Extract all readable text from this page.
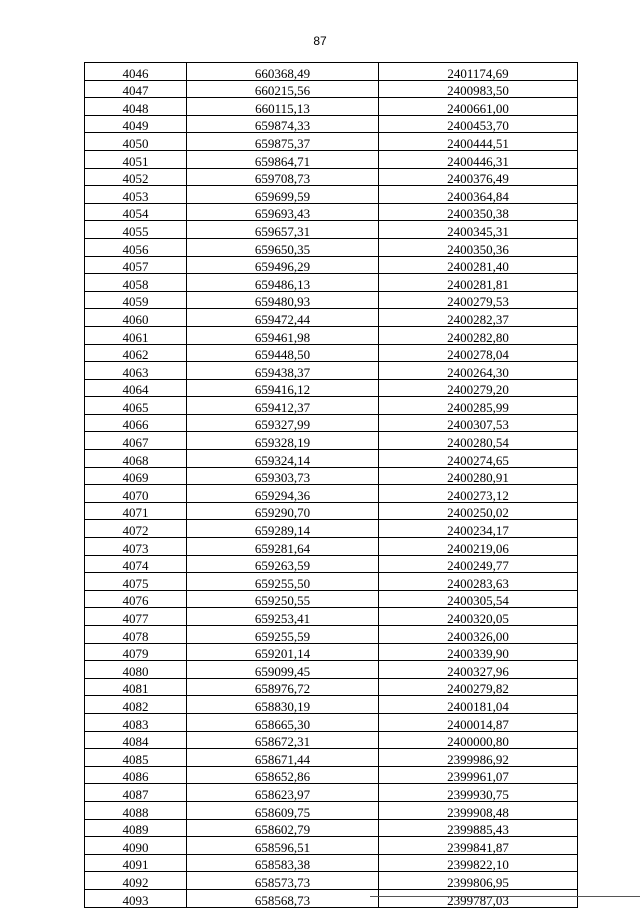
87
4046	660368,49	2401174,69
4047	660215,56	2400983,50
4048	660115,13	2400661,00
4049	659874,33	2400453,70
4050	659875,37	2400444,51
4051	659864,71	2400446,31
4052	659708,73	2400376,49
4053	659699,59	2400364,84
4054	659693,43	2400350,38
4055	659657,31	2400345,31
4056	659650,35	2400350,36
4057	659496,29	2400281,40
4058	659486,13	2400281,81
4059	659480,93	2400279,53
4060	659472,44	2400282,37
4061	659461,98	2400282,80
4062	659448,50	2400278,04
4063	659438,37	2400264,30
4064	659416,12	2400279,20
4065	659412,37	2400285,99
4066	659327,99	2400307,53
4067	659328,19	2400280,54
4068	659324,14	2400274,65
4069	659303,73	2400280,91
4070	659294,36	2400273,12
4071	659290,70	2400250,02
4072	659289,14	2400234,17
4073	659281,64	2400219,06
4074	659263,59	2400249,77
4075	659255,50	2400283,63
4076	659250,55	2400305,54
4077	659253,41	2400320,05
4078	659255,59	2400326,00
4079	659201,14	2400339,90
4080	659099,45	2400327,96
4081	658976,72	2400279,82
4082	658830,19	2400181,04
4083	658665,30	2400014,87
4084	658672,31	2400000,80
4085	658671,44	2399986,92
4086	658652,86	2399961,07
4087	658623,97	2399930,75
4088	658609,75	2399908,48
4089	658602,79	2399885,43
4090	658596,51	2399841,87
4091	658583,38	2399822,10
4092	658573,73	2399806,95
4093	658568,73	2399787,03
